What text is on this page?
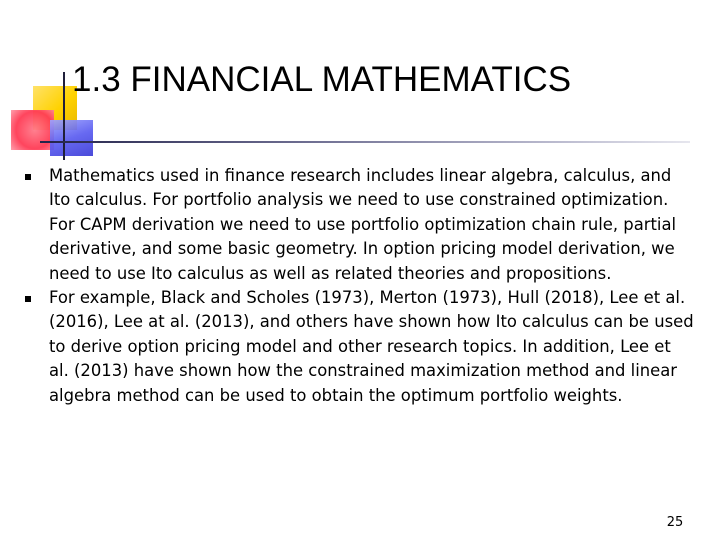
1.3 FINANCIAL MATHEMATICS
Mathematics used in finance research includes linear algebra, calculus, and Ito calculus. For portfolio analysis we need to use constrained optimization. For CAPM derivation we need to use portfolio optimization chain rule, partial derivative, and some basic geometry. In option pricing model derivation, we need to use Ito calculus as well as related theories and propositions.
For example, Black and Scholes (1973), Merton (1973), Hull (2018), Lee et al. (2016), Lee at al. (2013), and others have shown how Ito calculus can be used to derive option pricing model and other research topics. In addition, Lee et al. (2013) have shown how the constrained maximization method and linear algebra method can be used to obtain the optimum portfolio weights.
25
